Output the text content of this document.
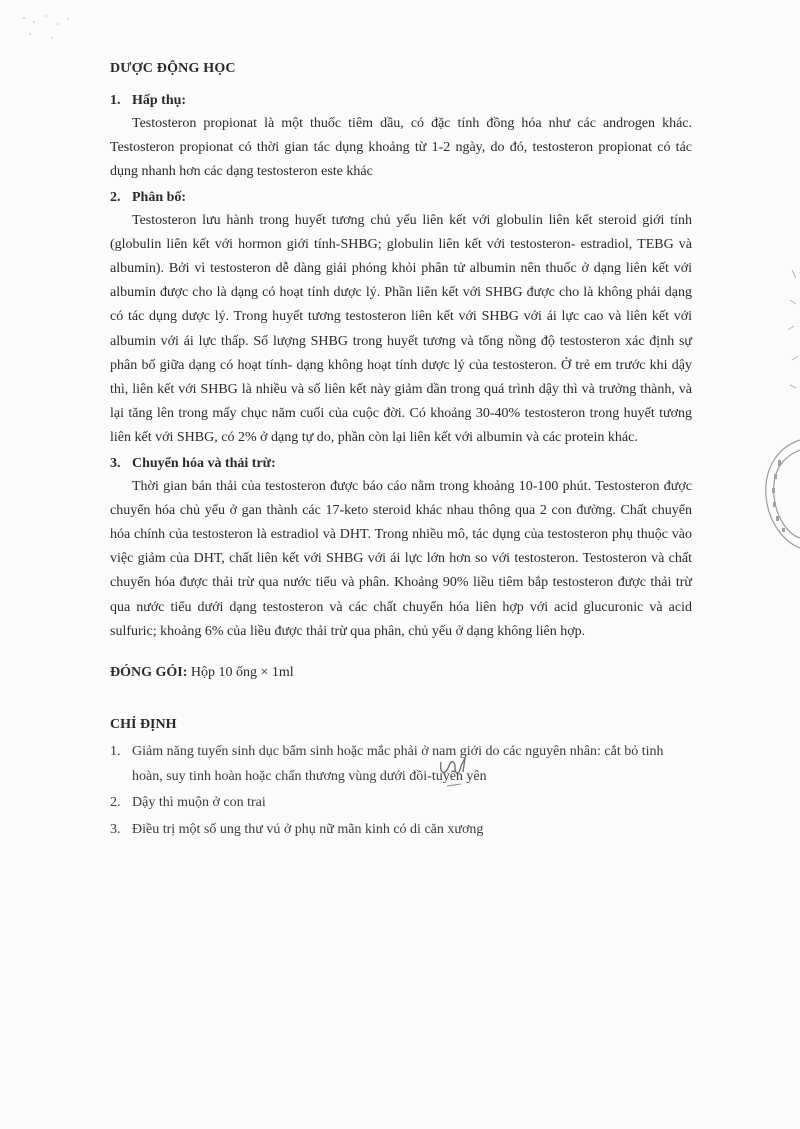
DƯỢC ĐỘNG HỌC
1. Hấp thụ:

Testosteron propionat là một thuốc tiêm dầu, có đặc tính đồng hóa như các androgen khác. Testosteron propionat có thời gian tác dụng khoảng từ 1-2 ngày, do đó, testosteron propionat có tác dụng nhanh hơn các dạng testosteron este khác

2. Phân bố:

Testosteron lưu hành trong huyết tương chủ yếu liên kết với globulin liên kết steroid giới tính (globulin liên kết với hormon giới tính-SHBG; globulin liên kết với testosteron- estradiol, TEBG và albumin). Bởi vì testosteron dễ dàng giải phóng khỏi phân tử albumin nên thuốc ở dạng liên kết với albumin được cho là dạng có hoạt tính dược lý. Phần liên kết với SHBG được cho là không phải dạng có tác dụng dược lý. Trong huyết tương testosteron liên kết với SHBG với ái lực cao và liên kết với albumin với ái lực thấp. Số lượng SHBG trong huyết tương và tổng nồng độ testosteron xác định sự phân bố giữa dạng có hoạt tính- dạng không hoạt tính dược lý của testosteron. Ở trẻ em trước khi dậy thì, liên kết với SHBG là nhiều và số liên kết này giảm dần trong quá trình dậy thì và trưởng thành, và lại tăng lên trong mấy chục năm cuối của cuộc đời. Có khoảng 30-40% testosteron trong huyết tương liên kết với SHBG, có 2% ở dạng tự do, phần còn lại liên kết với albumin và các protein khác.

3. Chuyển hóa và thải trừ:

Thời gian bán thải của testosteron được báo cáo nằm trong khoảng 10-100 phút. Testosteron được chuyển hóa chủ yếu ở gan thành các 17-keto steroid khác nhau thông qua 2 con đường. Chất chuyển hóa chính của testosteron là estradiol và DHT. Trong nhiều mô, tác dụng của testosteron phụ thuộc vào việc giảm của DHT, chất liên kết với SHBG với ái lực lớn hơn so với testosteron. Testosteron và chất chuyển hóa được thải trừ qua nước tiểu và phân. Khoảng 90% liều tiêm bắp testosteron được thải trừ qua nước tiểu dưới dạng testosteron và các chất chuyển hóa liên hợp với acid glucuronic và acid sulfuric; khoảng 6% của liều được thải trừ qua phân, chủ yếu ở dạng không liên hợp.

ĐÓNG GÓI: Hộp 10 ống × 1ml
CHỈ ĐỊNH
1. Giảm năng tuyến sinh dục bẩm sinh hoặc mắc phải ở nam giới do các nguyên nhân: cắt bỏ tinh hoàn, suy tinh hoàn hoặc chấn thương vùng dưới đồi-tuyến yên
2. Dậy thì muộn ở con trai
3. Điều trị một số ung thư vú ở phụ nữ mãn kinh có di căn xương
